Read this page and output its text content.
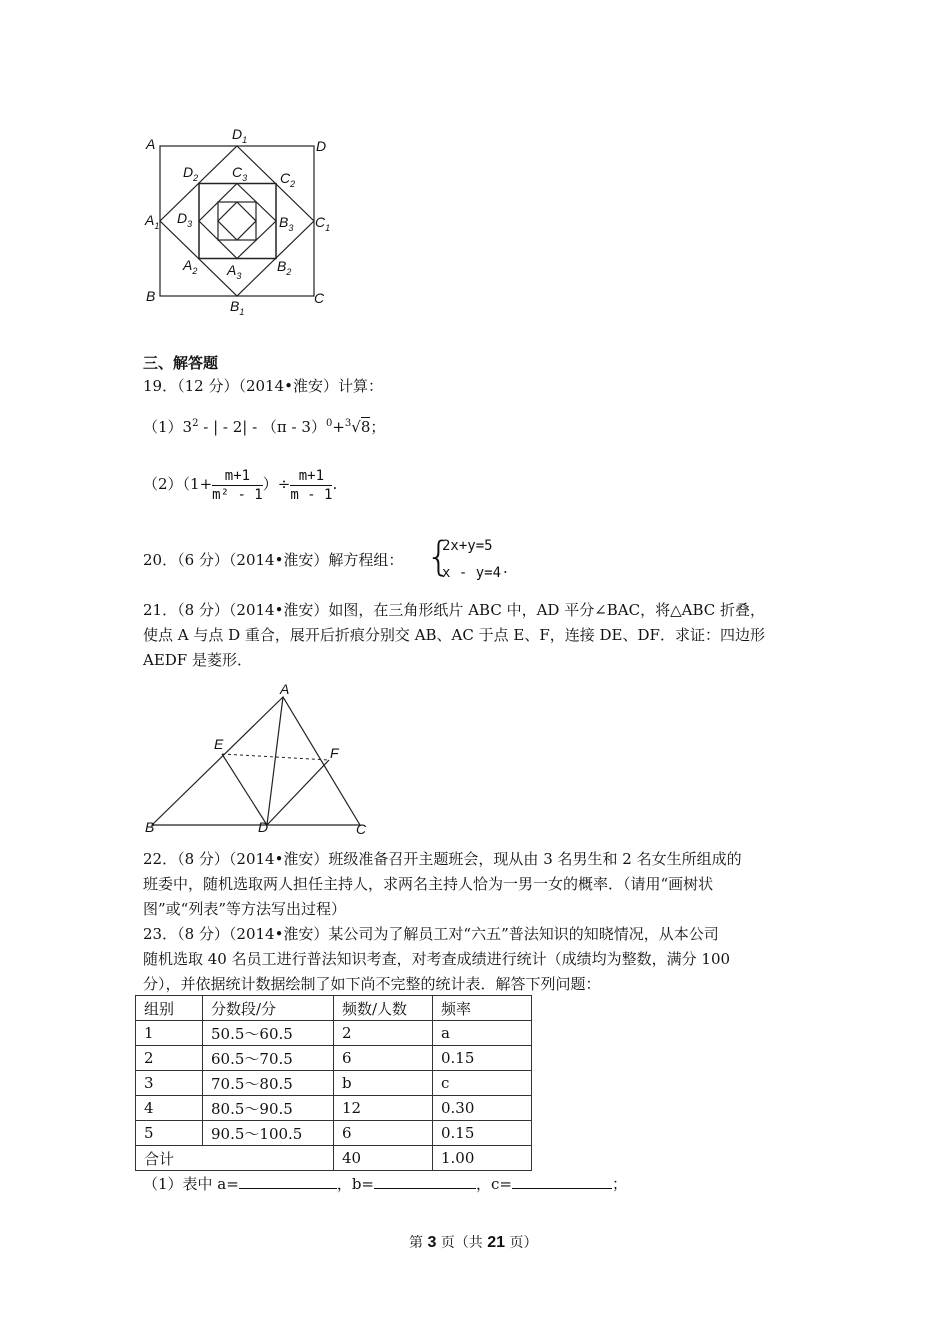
A	D
B	C
$D_1$
$A_1$
$B_1$
$C_1$
$D_2$	$C_2$
$A_2$	$B_2$
$C_3$
$D_3$	$B_3$
$A_3$
三、解答题
19．（12 分）（2014•淮安）计算：
$(1)3^2$ - | - 2| - （π - 3）$^0$+$^3$√8；
$(2)(1+ \frac{m+1}{\text{m² - 1}}$ ）÷ $\frac{m+1}{m - 1}$ .
20．（6 分）（2014•淮安）解方程组： {
2x+y=5
x - y=4 .
21．（8 分）（2014•淮安）如图，在三角形纸片 ABC 中，AD 平分∠BAC，将△ABC 折叠，
使点 A 与点 D 重合，展开后折痕分别交 AB、AC 于点 E、F，连接 DE、DF．求证：四边形
AEDF 是菱形．
A
E
F
B	D	C
22．（8 分）（2014•淮安）班级准备召开主题班会，现从由 3 名男生和 2 名女生所组成的
班委中，随机选取两人担任主持人，求两名主持人恰为一男一女的概率．（请用“画树状
图”或“列表”等方法写出过程）
23．（8 分）（2014•淮安）某公司为了解员工对“六五”普法知识的知晓情况，从本公司
随机选取 40 名员工进行普法知识考查，对考查成绩进行统计（成绩均为整数，满分 100
分），并依据统计数据绘制了如下尚不完整的统计表．解答下列问题：
组别	分数段/分	频数/人数	频率
1	50.5～60.5	2	a
2	60.5～70.5	6	0.15
3	70.5～80.5	b	c
4	80.5～90.5	12	0.30
5	90.5～100.5	6	0.15
合计		40	1.00
（1）表中 a=	，b=	，c=	；
第 3 页（共 21 页）
